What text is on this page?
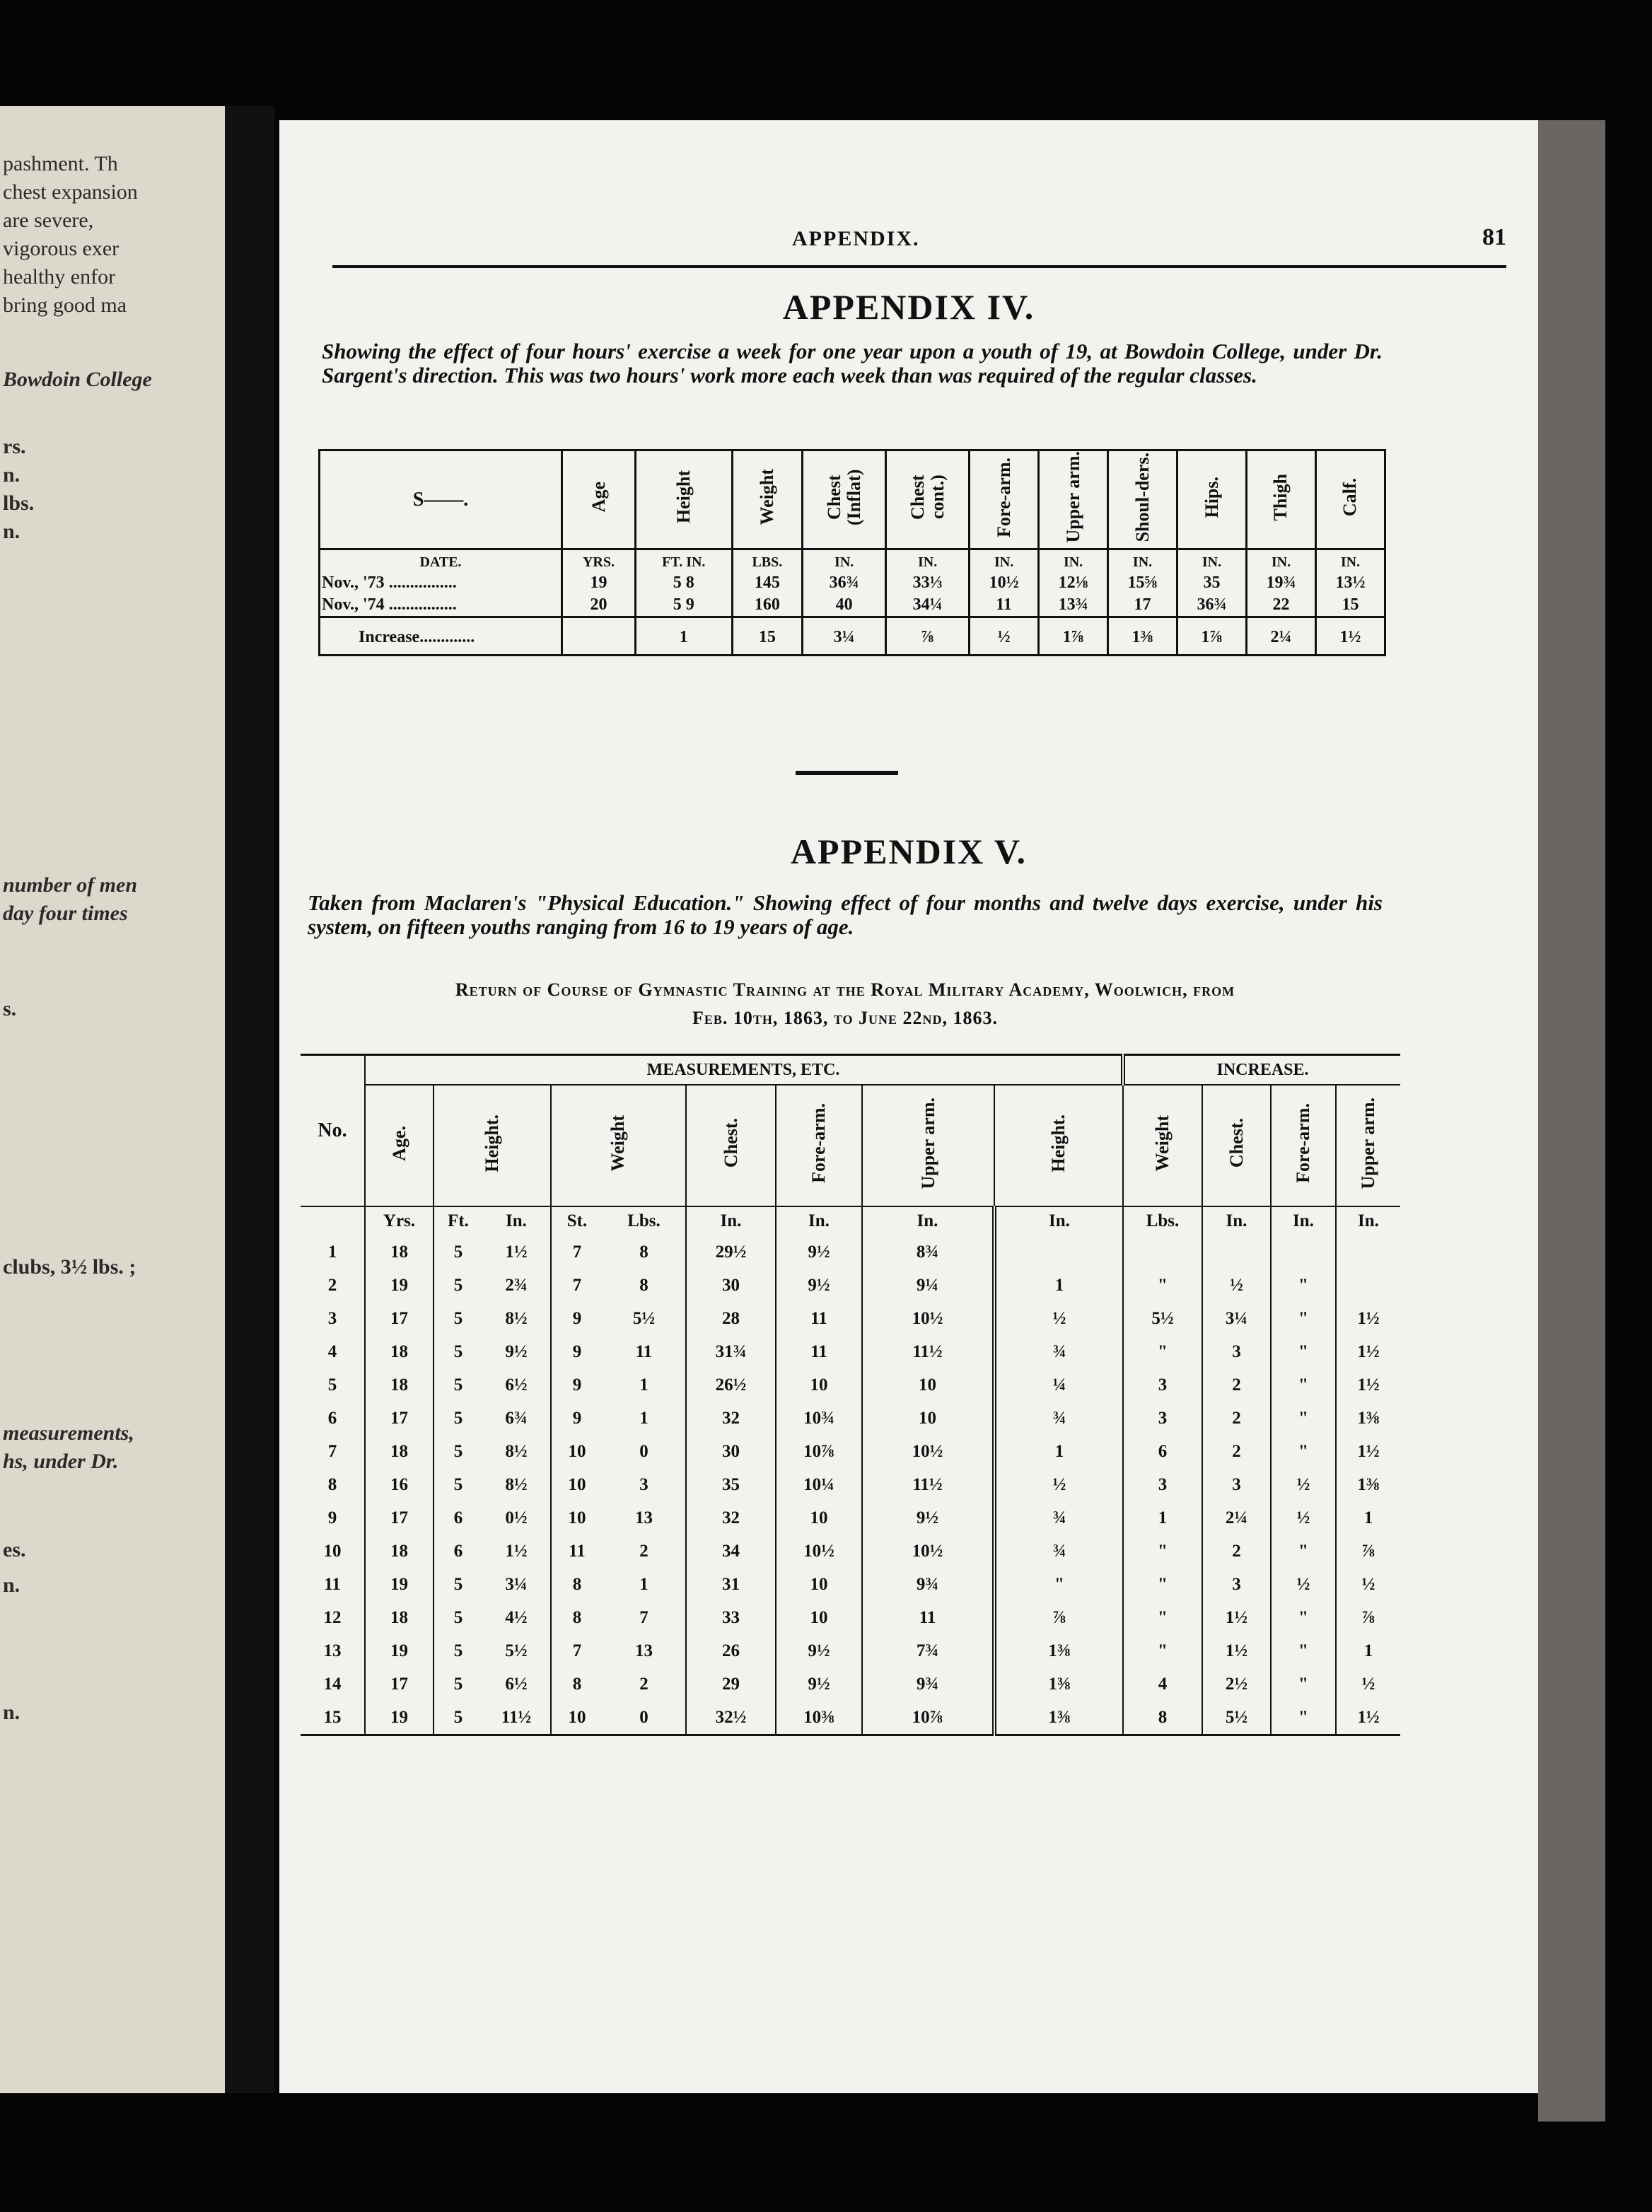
pashment. Th
chest expansion
are severe,
vigorous exer
healthy enfor
bring good ma
Bowdoin College
rs.
n.
lbs.
n.
number of men
day four times
s.
clubs, 3½ lbs. ;
measurements,
hs, under Dr.
es.
n.
n.
APPENDIX.	81
APPENDIX IV.
Showing the effect of four hours' exercise a week for one year upon a youth of 19, at Bowdoin College, under Dr. Sargent's direction. This was two hours' work more each week than was required of the regular classes.
S——.	Age	Height	Weight	Chest (Inflat)	Chest cont.)	Fore-arm.	Upper arm.	Shoul-ders.	Hips.	Thigh	Calf.
DATE.	YRS.	FT. IN.	LBS.	IN.	IN.	IN.	IN.	IN.	IN.	IN.	IN.
Nov., '73 ................	19	5 8	145	36¾	33⅓	10½	12⅛	15⅝	35	19¾	13½
Nov., '74 ................	20	5 9	160	40	34¼	11	13¾	17	36¾	22	15
Increase.............		1	15	3¼	⅞	½	1⅞	1⅜	1⅞	2¼	1½
APPENDIX V.
Taken from Maclaren's "Physical Education." Showing effect of four months and twelve days exercise, under his system, on fifteen youths ranging from 16 to 19 years of age.
Return of Course of Gymnastic Training at the Royal Military Academy, Woolwich, from
Feb. 10th, 1863, to June 22nd, 1863.
No.	MEASUREMENTS, ETC.									INCREASE.			
	Age.	Height.		Weight		Chest.	Fore-arm.	Upper arm.	Height.	Weight	Chest.	Fore-arm.	Upper arm.
	Yrs.	Ft.	In.	St.	Lbs.	In.	In.	In.	In.	Lbs.	In.	In.	In.
1	18	5	1½	7	8	29½	9½	8¾					
2	19	5	2¾	7	8	30	9½	9¼	1	"	½	"	
3	17	5	8½	9	5½	28	11	10½	½	5½	3¼	"	1½
4	18	5	9½	9	11	31¾	11	11½	¾	"	3	"	1½
5	18	5	6½	9	1	26½	10	10	¼	3	2	"	1½
6	17	5	6¾	9	1	32	10¾	10	¾	3	2	"	1⅜
7	18	5	8½	10	0	30	10⅞	10½	1	6	2	"	1½
8	16	5	8½	10	3	35	10¼	11½	½	3	3	½	1⅜
9	17	6	0½	10	13	32	10	9½	¾	1	2¼	½	1
10	18	6	1½	11	2	34	10½	10½	¾	"	2	"	⅞
11	19	5	3¼	8	1	31	10	9¾	"	"	3	½	½
12	18	5	4½	8	7	33	10	11	⅞	"	1½	"	⅞
13	19	5	5½	7	13	26	9½	7¾	1⅜	"	1½	"	1
14	17	5	6½	8	2	29	9½	9¾	1⅜	4	2½	"	½
15	19	5	11½	10	0	32½	10⅜	10⅞	1⅜	8	5½	"	1½
